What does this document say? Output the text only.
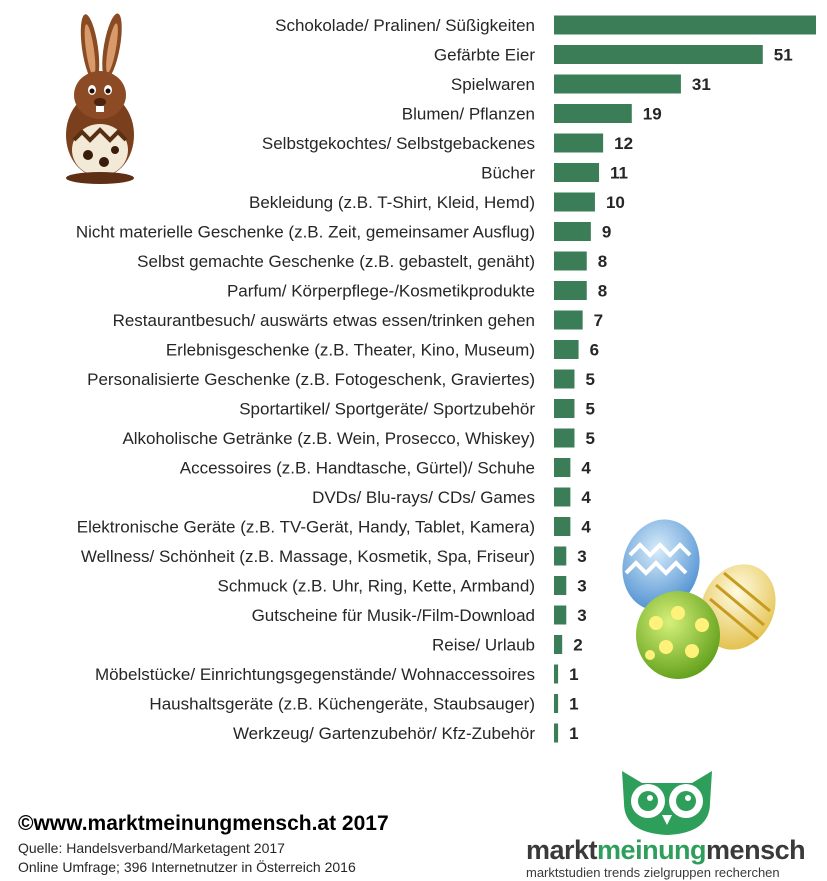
Schokolade/ Pralinen/ Süßigkeiten
Gefärbte Eier	51
Spielwaren	31
Blumen/ Pflanzen	19
Selbstgekochtes/ Selbstgebackenes	12
Bücher	11
Bekleidung (z.B. T-Shirt, Kleid, Hemd)	10
Nicht materielle Geschenke (z.B. Zeit, gemeinsamer Ausflug)	9
Selbst gemachte Geschenke (z.B. gebastelt, genäht)	8
Parfum/ Körperpflege-/Kosmetikprodukte	8
Restaurantbesuch/ auswärts etwas essen/trinken gehen	7
Erlebnisgeschenke (z.B. Theater, Kino, Museum)	6
Personalisierte Geschenke (z.B. Fotogeschenk, Graviertes)	5
Sportartikel/ Sportgeräte/ Sportzubehör	5
Alkoholische Getränke (z.B. Wein, Prosecco, Whiskey)	5
Accessoires (z.B. Handtasche, Gürtel)/ Schuhe	4
DVDs/ Blu-rays/ CDs/ Games	4
Elektronische Geräte (z.B. TV-Gerät, Handy, Tablet, Kamera)	4
Wellness/ Schönheit (z.B. Massage, Kosmetik, Spa, Friseur) 3
Schmuck (z.B. Uhr, Ring, Kette, Armband) 3
Gutscheine für Musik-/Film-Download 3
Reise/ Urlaub 2
Möbelstücke/ Einrichtungsgegenstände/ Wohnaccessoires 1
Haushaltsgeräte (z.B. Küchengeräte, Staubsauger) 1
Werkzeug/ Gartenzubehör/ Kfz-Zubehör 1
©www.marktmeinungmensch.at 2017
Quelle: Handelsverband/Marketagent 2017
Online Umfrage; 396 Internetnutzer in Österreich 2016
marktmeinungmensch
marktstudien trends zielgruppen recherchen
